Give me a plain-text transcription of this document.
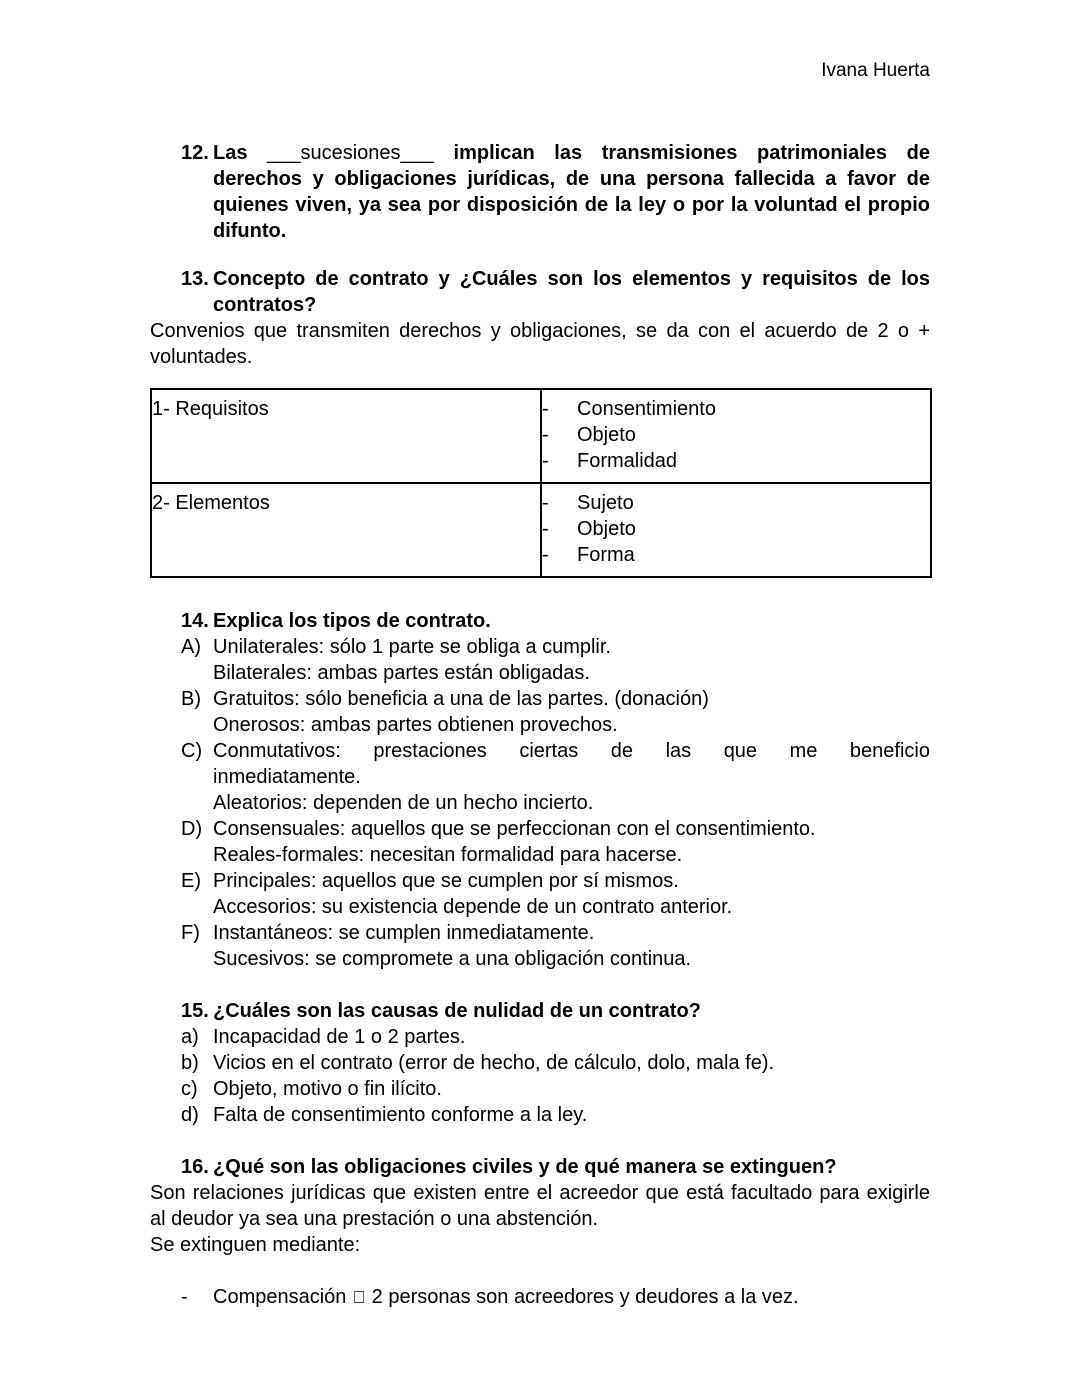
Ivana Huerta
12. Las ___sucesiones___ implican las transmisiones patrimoniales de derechos y obligaciones jurídicas, de una persona fallecida a favor de quienes viven, ya sea por disposición de la ley o por la voluntad el propio difunto.

13. Concepto de contrato y ¿Cuáles son los elementos y requisitos de los contratos?

Convenios que transmiten derechos y obligaciones, se da con el acuerdo de 2 o + voluntades.

1- Requisitos	-	Consentimiento
-	Objeto
-	Formalidad

2- Elementos	-	Sujeto
-	Objeto
-	Forma
14. Explica los tipos de contrato.
A) Unilaterales: sólo 1 parte se obliga a cumplir.
Bilaterales: ambas partes están obligadas.
B) Gratuitos: sólo beneficia a una de las partes. (donación)
Onerosos: ambas partes obtienen provechos.
C) Conmutativos: prestaciones ciertas de las que me beneficio
inmediatamente.
Aleatorios: dependen de un hecho incierto.
D) Consensuales: aquellos que se perfeccionan con el consentimiento.
Reales-formales: necesitan formalidad para hacerse.
E) Principales: aquellos que se cumplen por sí mismos.
Accesorios: su existencia depende de un contrato anterior.
F) Instantáneos: se cumplen inmediatamente.
Sucesivos: se compromete a una obligación continua.
15. ¿Cuáles son las causas de nulidad de un contrato?
a) Incapacidad de 1 o 2 partes.
b) Vicios en el contrato (error de hecho, de cálculo, dolo, mala fe).
c) Objeto, motivo o fin ilícito.
d) Falta de consentimiento conforme a la ley.
16. ¿Qué son las obligaciones civiles y de qué manera se extinguen?

Son relaciones jurídicas que existen entre el acreedor que está facultado para exigirle al deudor ya sea una prestación o una abstención.

Se extinguen mediante:

-	Compensación □ 2 personas son acreedores y deudores a la vez.
